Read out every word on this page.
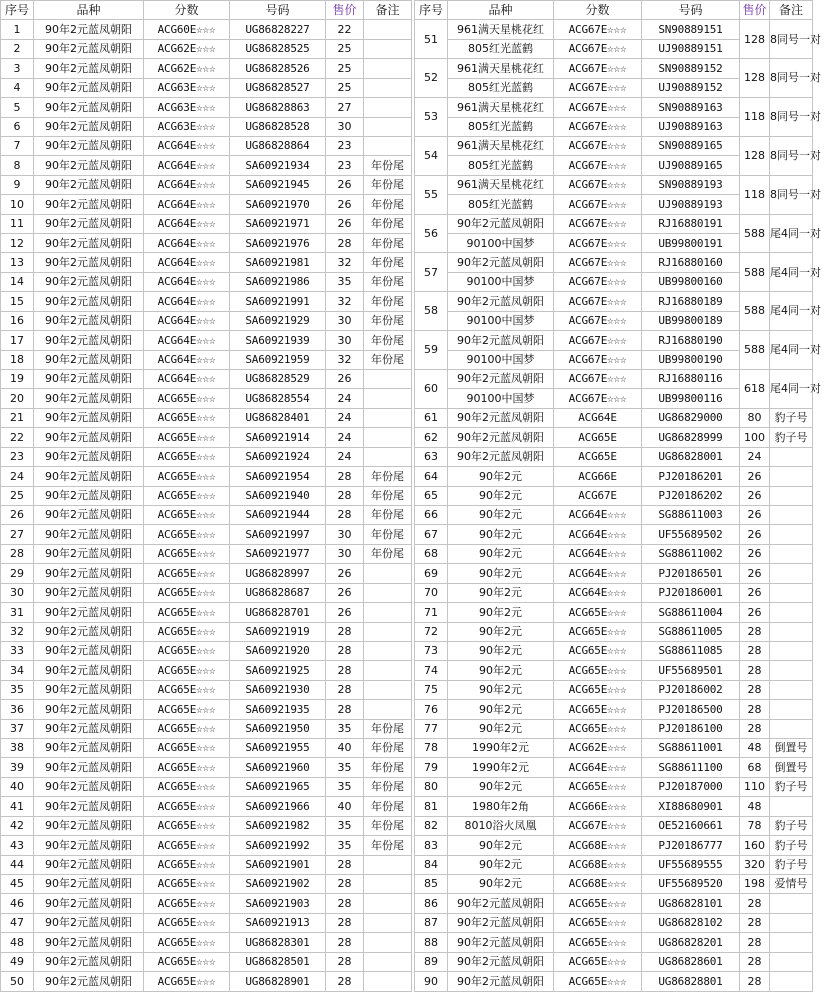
序号	品种	分数	号码	售价	备注
1	90年2元蓝凤朝阳	ACG60E☆☆☆	UG86828227	22	
2	90年2元蓝凤朝阳	ACG62E☆☆☆	UG86828525	25	
3	90年2元蓝凤朝阳	ACG62E☆☆☆	UG86828526	25	
4	90年2元蓝凤朝阳	ACG63E☆☆☆	UG86828527	25	
5	90年2元蓝凤朝阳	ACG63E☆☆☆	UG86828863	27	
6	90年2元蓝凤朝阳	ACG63E☆☆☆	UG86828528	30	
7	90年2元蓝凤朝阳	ACG64E☆☆☆	UG86828864	23	
8	90年2元蓝凤朝阳	ACG64E☆☆☆	SA60921934	23	年份尾
9	90年2元蓝凤朝阳	ACG64E☆☆☆	SA60921945	26	年份尾
10	90年2元蓝凤朝阳	ACG64E☆☆☆	SA60921970	26	年份尾
11	90年2元蓝凤朝阳	ACG64E☆☆☆	SA60921971	26	年份尾
12	90年2元蓝凤朝阳	ACG64E☆☆☆	SA60921976	28	年份尾
13	90年2元蓝凤朝阳	ACG64E☆☆☆	SA60921981	32	年份尾
14	90年2元蓝凤朝阳	ACG64E☆☆☆	SA60921986	35	年份尾
15	90年2元蓝凤朝阳	ACG64E☆☆☆	SA60921991	32	年份尾
16	90年2元蓝凤朝阳	ACG64E☆☆☆	SA60921929	30	年份尾
17	90年2元蓝凤朝阳	ACG64E☆☆☆	SA60921939	30	年份尾
18	90年2元蓝凤朝阳	ACG64E☆☆☆	SA60921959	32	年份尾
19	90年2元蓝凤朝阳	ACG64E☆☆☆	UG86828529	26	
20	90年2元蓝凤朝阳	ACG65E☆☆☆	UG86828554	24	
21	90年2元蓝凤朝阳	ACG65E☆☆☆	UG86828401	24	
22	90年2元蓝凤朝阳	ACG65E☆☆☆	SA60921914	24	
23	90年2元蓝凤朝阳	ACG65E☆☆☆	SA60921924	24	
24	90年2元蓝凤朝阳	ACG65E☆☆☆	SA60921954	28	年份尾
25	90年2元蓝凤朝阳	ACG65E☆☆☆	SA60921940	28	年份尾
26	90年2元蓝凤朝阳	ACG65E☆☆☆	SA60921944	28	年份尾
27	90年2元蓝凤朝阳	ACG65E☆☆☆	SA60921997	30	年份尾
28	90年2元蓝凤朝阳	ACG65E☆☆☆	SA60921977	30	年份尾
29	90年2元蓝凤朝阳	ACG65E☆☆☆	UG86828997	26	
30	90年2元蓝凤朝阳	ACG65E☆☆☆	UG86828687	26	
31	90年2元蓝凤朝阳	ACG65E☆☆☆	UG86828701	26	
32	90年2元蓝凤朝阳	ACG65E☆☆☆	SA60921919	28	
33	90年2元蓝凤朝阳	ACG65E☆☆☆	SA60921920	28	
34	90年2元蓝凤朝阳	ACG65E☆☆☆	SA60921925	28	
35	90年2元蓝凤朝阳	ACG65E☆☆☆	SA60921930	28	
36	90年2元蓝凤朝阳	ACG65E☆☆☆	SA60921935	28	
37	90年2元蓝凤朝阳	ACG65E☆☆☆	SA60921950	35	年份尾
38	90年2元蓝凤朝阳	ACG65E☆☆☆	SA60921955	40	年份尾
39	90年2元蓝凤朝阳	ACG65E☆☆☆	SA60921960	35	年份尾
40	90年2元蓝凤朝阳	ACG65E☆☆☆	SA60921965	35	年份尾
41	90年2元蓝凤朝阳	ACG65E☆☆☆	SA60921966	40	年份尾
42	90年2元蓝凤朝阳	ACG65E☆☆☆	SA60921982	35	年份尾
43	90年2元蓝凤朝阳	ACG65E☆☆☆	SA60921992	35	年份尾
44	90年2元蓝凤朝阳	ACG65E☆☆☆	SA60921901	28	
45	90年2元蓝凤朝阳	ACG65E☆☆☆	SA60921902	28	
46	90年2元蓝凤朝阳	ACG65E☆☆☆	SA60921903	28	
47	90年2元蓝凤朝阳	ACG65E☆☆☆	SA60921913	28	
48	90年2元蓝凤朝阳	ACG65E☆☆☆	UG86828301	28	
49	90年2元蓝凤朝阳	ACG65E☆☆☆	UG86828501	28	
50	90年2元蓝凤朝阳	ACG65E☆☆☆	UG86828901	28	
序号	品种	分数	号码	售价	备注
51	961满天星桃花红	ACG67E☆☆☆	SN90889151	128	8同号一对
	805红光蓝鹤	ACG67E☆☆☆	UJ90889151		
52	961满天星桃花红	ACG67E☆☆☆	SN90889152	128	8同号一对
	805红光蓝鹤	ACG67E☆☆☆	UJ90889152		
53	961满天星桃花红	ACG67E☆☆☆	SN90889163	118	8同号一对
	805红光蓝鹤	ACG67E☆☆☆	UJ90889163		
54	961满天星桃花红	ACG67E☆☆☆	SN90889165	128	8同号一对
	805红光蓝鹤	ACG67E☆☆☆	UJ90889165		
55	961满天星桃花红	ACG67E☆☆☆	SN90889193	118	8同号一对
	805红光蓝鹤	ACG67E☆☆☆	UJ90889193		
56	90年2元蓝凤朝阳	ACG67E☆☆☆	RJ16880191	588	尾4同一对
	90100中国梦	ACG67E☆☆☆	UB99800191		
57	90年2元蓝凤朝阳	ACG67E☆☆☆	RJ16880160	588	尾4同一对
	90100中国梦	ACG67E☆☆☆	UB99800160		
58	90年2元蓝凤朝阳	ACG67E☆☆☆	RJ16880189	588	尾4同一对
	90100中国梦	ACG67E☆☆☆	UB99800189		
59	90年2元蓝凤朝阳	ACG67E☆☆☆	RJ16880190	588	尾4同一对
	90100中国梦	ACG67E☆☆☆	UB99800190		
60	90年2元蓝凤朝阳	ACG67E☆☆☆	RJ16880116	618	尾4同一对
	90100中国梦	ACG67E☆☆☆	UB99800116		
61	90年2元蓝凤朝阳	ACG64E	UG86829000	80	豹子号
62	90年2元蓝凤朝阳	ACG65E	UG86828999	100	豹子号
63	90年2元蓝凤朝阳	ACG65E	UG86828001	24	
64	90年2元	ACG66E	PJ20186201	26	
65	90年2元	ACG67E	PJ20186202	26	
66	90年2元	ACG64E☆☆☆	SG88611003	26	
67	90年2元	ACG64E☆☆☆	UF55689502	26	
68	90年2元	ACG64E☆☆☆	SG88611002	26	
69	90年2元	ACG64E☆☆☆	PJ20186501	26	
70	90年2元	ACG64E☆☆☆	PJ20186001	26	
71	90年2元	ACG65E☆☆☆	SG88611004	26	
72	90年2元	ACG65E☆☆☆	SG88611005	28	
73	90年2元	ACG65E☆☆☆	SG88611085	28	
74	90年2元	ACG65E☆☆☆	UF55689501	28	
75	90年2元	ACG65E☆☆☆	PJ20186002	28	
76	90年2元	ACG65E☆☆☆	PJ20186500	28	
77	90年2元	ACG65E☆☆☆	PJ20186100	28	
78	1990年2元	ACG62E☆☆☆	SG88611001	48	倒置号
79	1990年2元	ACG64E☆☆☆	SG88611100	68	倒置号
80	90年2元	ACG65E☆☆☆	PJ20187000	110	豹子号
81	1980年2角	ACG66E☆☆☆	XI88680901	48	
82	8010浴火凤凰	ACG67E☆☆☆	OE52160661	78	豹子号
83	90年2元	ACG68E☆☆☆	PJ20186777	160	豹子号
84	90年2元	ACG68E☆☆☆	UF55689555	320	豹子号
85	90年2元	ACG68E☆☆☆	UF55689520	198	爱情号
86	90年2元蓝凤朝阳	ACG65E☆☆☆	UG86828101	28	
87	90年2元蓝凤朝阳	ACG65E☆☆☆	UG86828102	28	
88	90年2元蓝凤朝阳	ACG65E☆☆☆	UG86828201	28	
89	90年2元蓝凤朝阳	ACG65E☆☆☆	UG86828601	28	
90	90年2元蓝凤朝阳	ACG65E☆☆☆	UG86828801	28	
